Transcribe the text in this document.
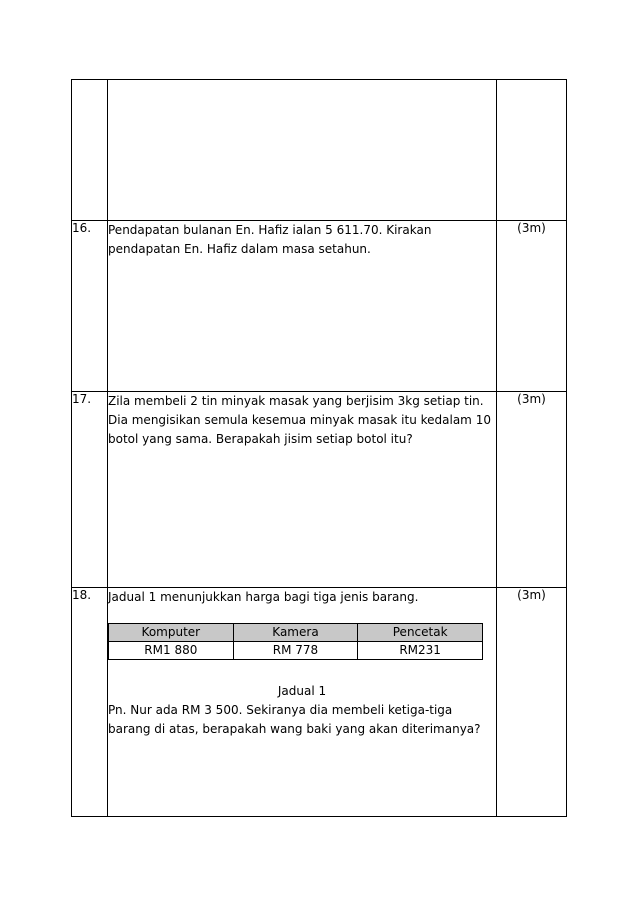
16.	Pendapatan bulanan En. Hafiz ialan 5 611.70. Kirakan pendapatan En. Hafiz dalam masa setahun.

	(3m)
17.	Zila membeli 2 tin minyak masak yang berjisim 3kg setiap tin. Dia mengisikan semula kesemua minyak masak itu kedalam 10 botol yang sama. Berapakah jisim setiap botol itu?

	(3m)
18.	Jadual 1 menunjukkan harga bagi tiga jenis barang.

Komputer	Kamera	Pencetak
RM1 880	RM 778	RM231
Jadual 1

Pn. Nur ada RM 3 500. Sekiranya dia membeli ketiga-tiga barang di atas, berapakah wang baki yang akan diterimanya?

	(3m)
